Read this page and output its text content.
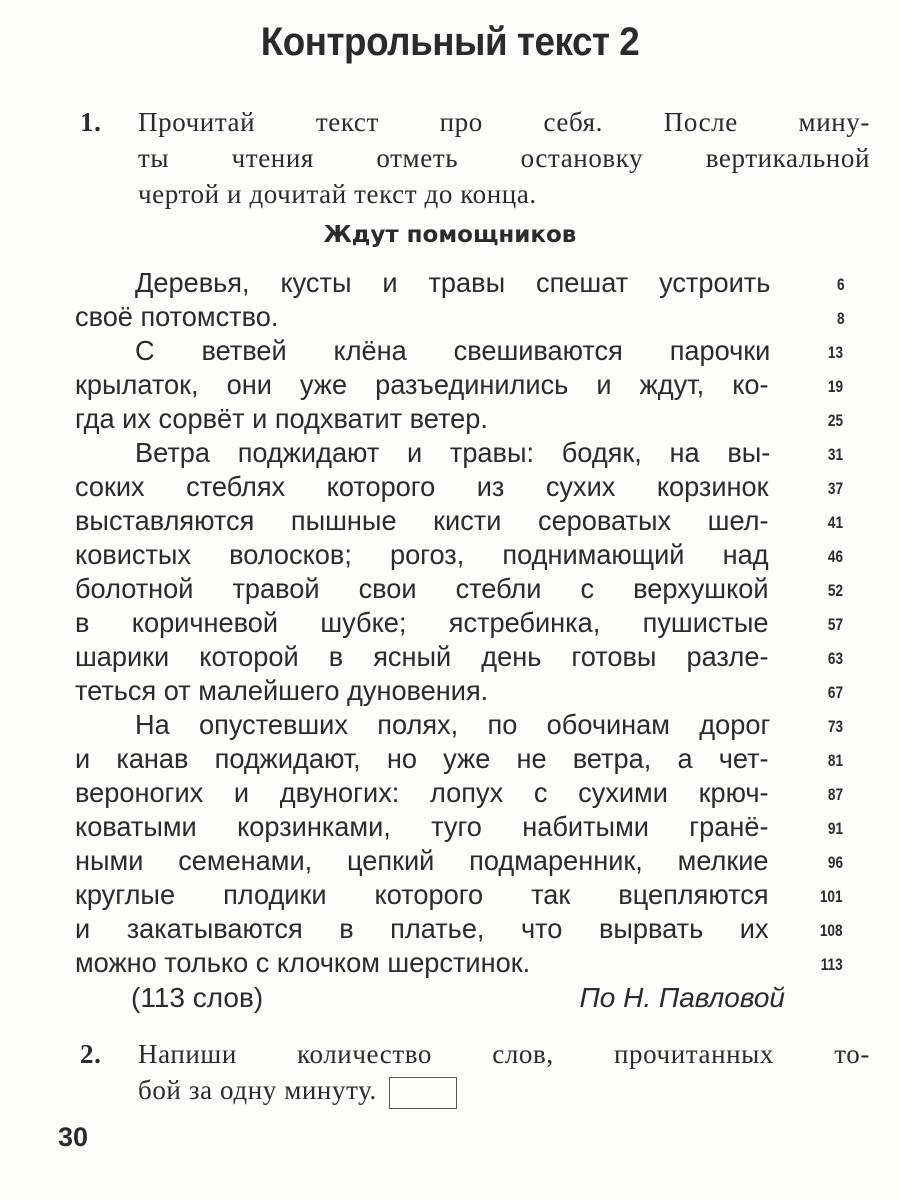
Контрольный текст 2
1. Прочитай текст про себя. После мину-
ты чтения отметь остановку вертикальной
чертой и дочитай текст до конца.
Ждут помощников
Деревья, кусты и травы спешат устроить	6
своё потомство.	8
С ветвей клёна свешиваются парочки	13
крылаток, они уже разъединились и ждут, ко-	19
гда их сорвёт и подхватит ветер.	25
Ветра поджидают и травы: бодяк, на вы-	31
соких стеблях которого из сухих корзинок	37
выставляются пышные кисти сероватых шел-	41
ковистых волосков; рогоз, поднимающий над	46
болотной травой свои стебли с верхушкой	52
в коричневой шубке; ястребинка, пушистые	57
шарики которой в ясный день готовы разле-	63
теться от малейшего дуновения.	67
На опустевших полях, по обочинам дорог	73
и канав поджидают, но уже не ветра, а чет-	81
вероногих и двуногих: лопух с сухими крюч-	87
коватыми корзинками, туго набитыми гранё-	91
ными семенами, цепкий подмаренник, мелкие	96
круглые плодики которого так вцепляются	101
и закатываются в платье, что вырвать их	108
можно только с клочком шерстинок.	113
(113 слов)	По Н. Павловой
2. Напиши количество слов, прочитанных то-
бой за одну минуту.
30
